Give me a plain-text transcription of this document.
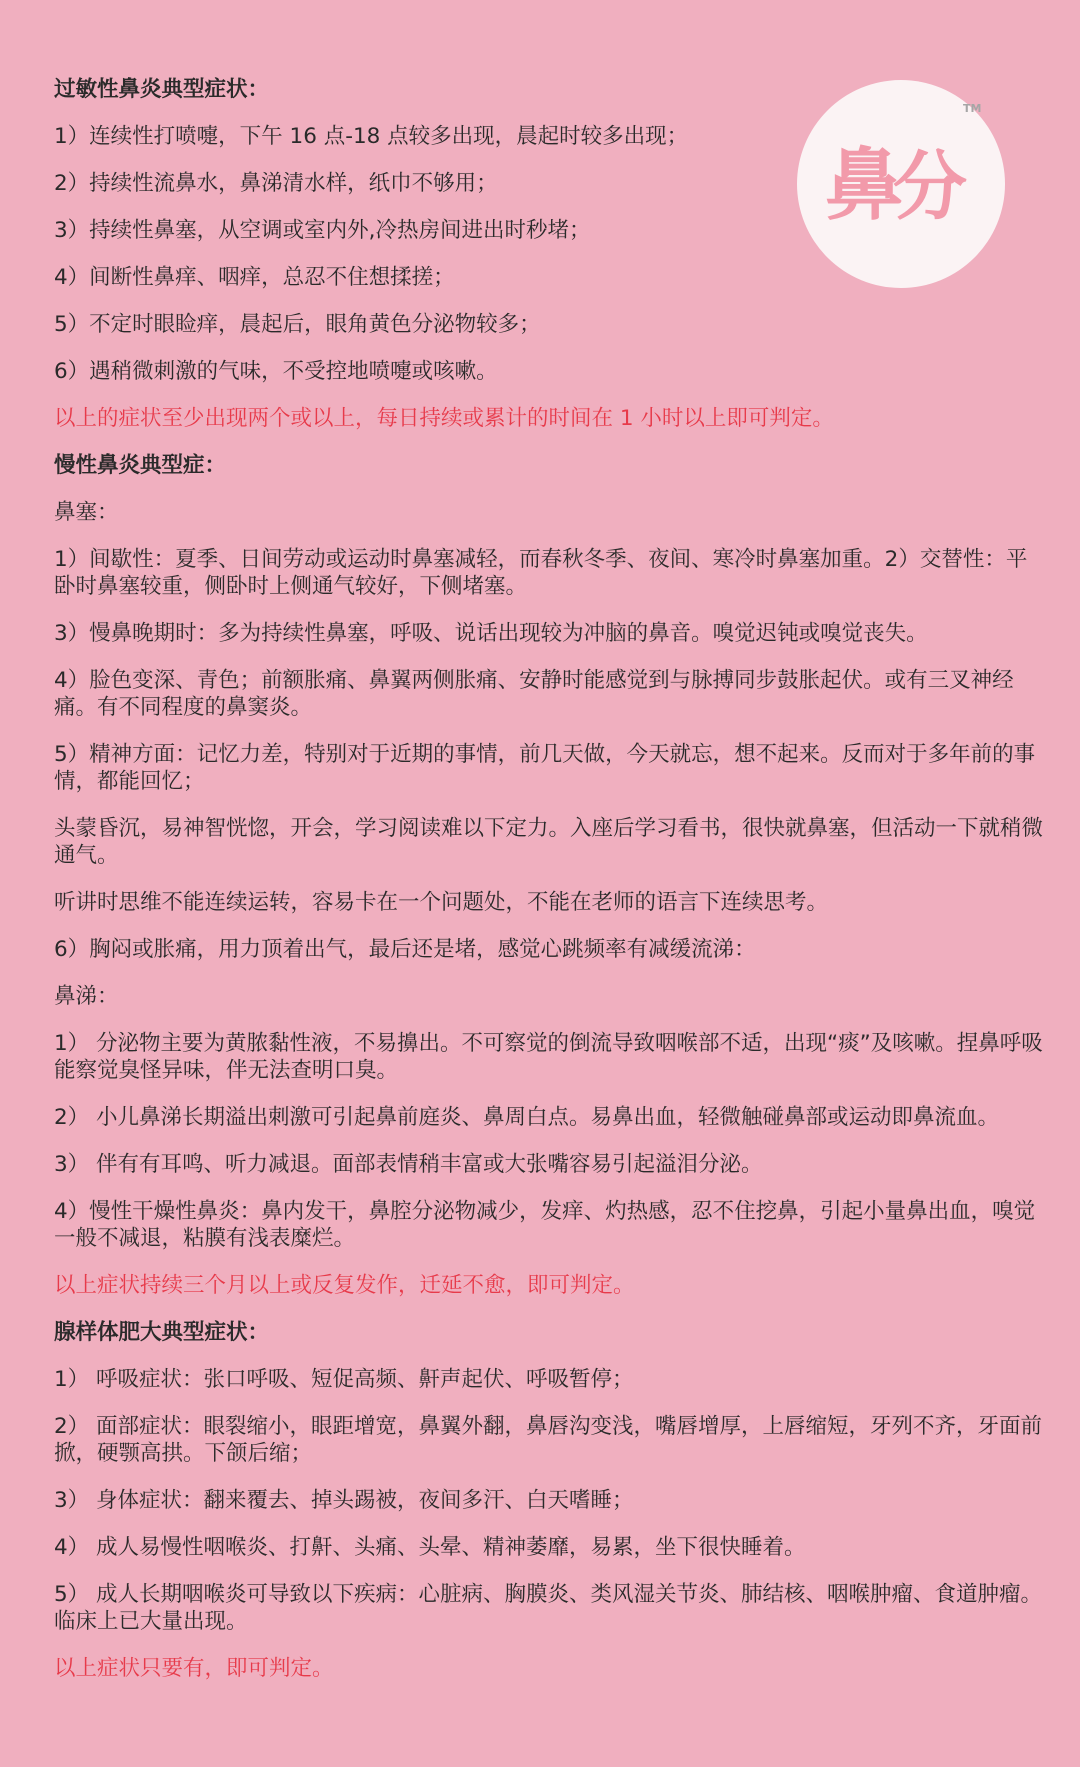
鼻
分
TM
过敏性鼻炎典型症状：
1）连续性打喷嚏，下午 16 点-18 点较多出现，晨起时较多出现；
2）持续性流鼻水，鼻涕清水样，纸巾不够用；
3）持续性鼻塞，从空调或室内外,冷热房间进出时秒堵；
4）间断性鼻痒、咽痒，总忍不住想揉搓；
5）不定时眼睑痒，晨起后，眼角黄色分泌物较多；
6）遇稍微刺激的气味，不受控地喷嚏或咳嗽。
以上的症状至少出现两个或以上，每日持续或累计的时间在 1 小时以上即可判定。
慢性鼻炎典型症：
鼻塞：
1）间歇性：夏季、日间劳动或运动时鼻塞减轻，而春秋冬季、夜间、寒冷时鼻塞加重。2）交替性：平卧时鼻塞较重，侧卧时上侧通气较好，下侧堵塞。
3）慢鼻晚期时：多为持续性鼻塞，呼吸、说话出现较为冲脑的鼻音。嗅觉迟钝或嗅觉丧失。
4）脸色变深、青色；前额胀痛、鼻翼两侧胀痛、安静时能感觉到与脉搏同步鼓胀起伏。或有三叉神经痛。有不同程度的鼻窦炎。
5）精神方面：记忆力差，特别对于近期的事情，前几天做，今天就忘，想不起来。反而对于多年前的事情，都能回忆；
头蒙昏沉，易神智恍惚，开会，学习阅读难以下定力。入座后学习看书，很快就鼻塞，但活动一下就稍微通气。
听讲时思维不能连续运转，容易卡在一个问题处，不能在老师的语言下连续思考。
6）胸闷或胀痛，用力顶着出气，最后还是堵，感觉心跳频率有减缓流涕：
鼻涕：
1） 分泌物主要为黄脓黏性液，不易擤出。不可察觉的倒流导致咽喉部不适，出现“痰”及咳嗽。捏鼻呼吸能察觉臭怪异味，伴无法查明口臭。
2） 小儿鼻涕长期溢出刺激可引起鼻前庭炎、鼻周白点。易鼻出血，轻微触碰鼻部或运动即鼻流血。
3） 伴有有耳鸣、听力减退。面部表情稍丰富或大张嘴容易引起溢泪分泌。
4）慢性干燥性鼻炎：鼻内发干，鼻腔分泌物减少，发痒、灼热感，忍不住挖鼻，引起小量鼻出血，嗅觉一般不减退，粘膜有浅表糜烂。
以上症状持续三个月以上或反复发作，迁延不愈，即可判定。
腺样体肥大典型症状：
1） 呼吸症状：张口呼吸、短促高频、鼾声起伏、呼吸暂停；
2） 面部症状：眼裂缩小，眼距增宽，鼻翼外翻，鼻唇沟变浅，嘴唇增厚，上唇缩短，牙列不齐，牙面前掀，硬颚高拱。下颌后缩；
3） 身体症状：翻来覆去、掉头踢被，夜间多汗、白天嗜睡；
4） 成人易慢性咽喉炎、打鼾、头痛、头晕、精神萎靡，易累，坐下很快睡着。
5） 成人长期咽喉炎可导致以下疾病：心脏病、胸膜炎、类风湿关节炎、肺结核、咽喉肿瘤、食道肿瘤。临床上已大量出现。
以上症状只要有，即可判定。
